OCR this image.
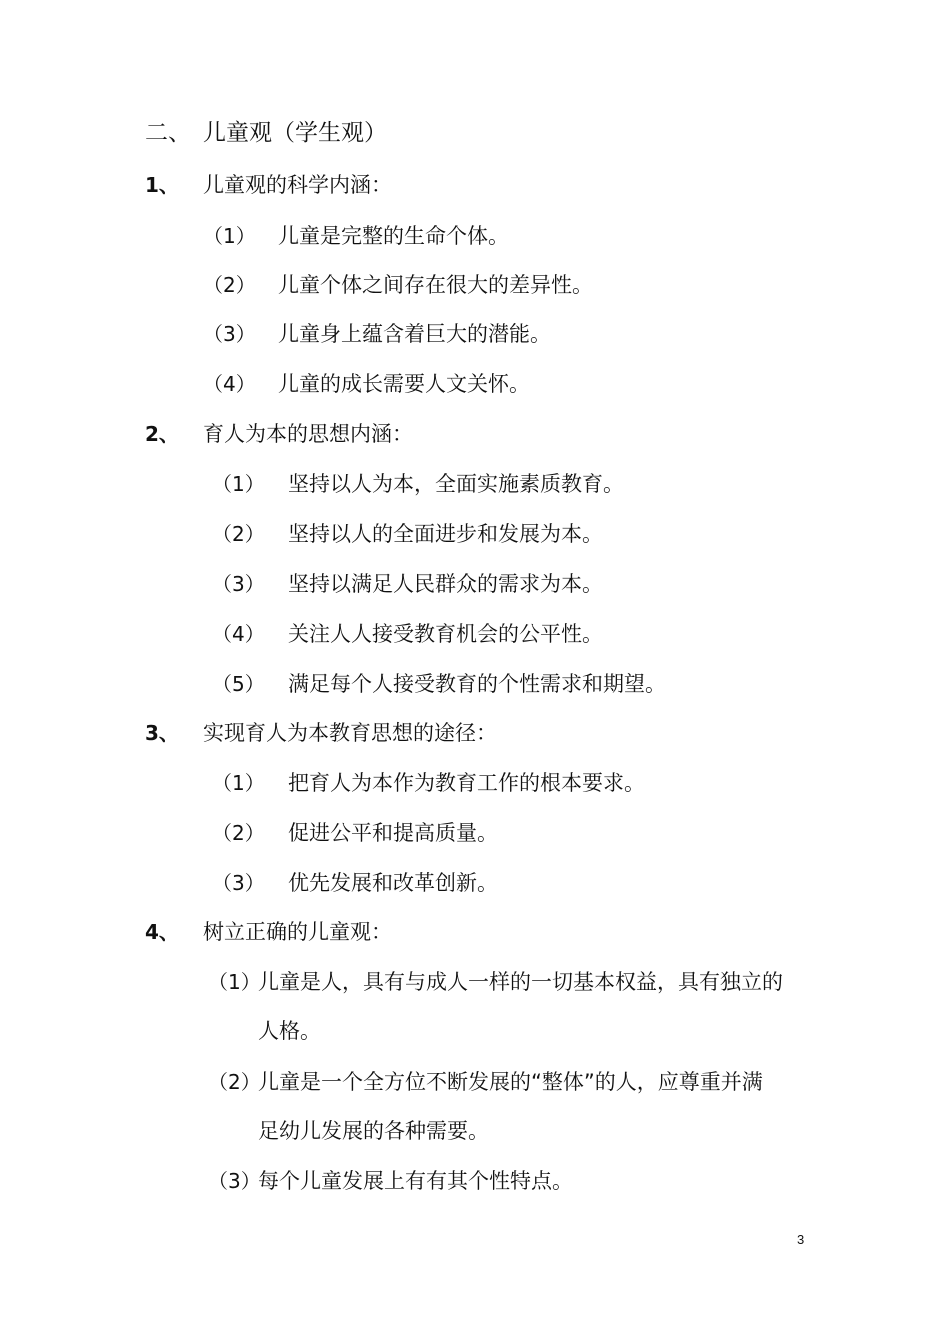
二、 儿童观（学生观）
1、 儿童观的科学内涵：
（1） 儿童是完整的生命个体。
（2） 儿童个体之间存在很大的差异性。
（3） 儿童身上蕴含着巨大的潜能。
（4） 儿童的成长需要人文关怀。
2、 育人为本的思想内涵：
（1） 坚持以人为本，全面实施素质教育。
（2） 坚持以人的全面进步和发展为本。
（3） 坚持以满足人民群众的需求为本。
（4） 关注人人接受教育机会的公平性。
（5） 满足每个人接受教育的个性需求和期望。
3、 实现育人为本教育思想的途径：
（1） 把育人为本作为教育工作的根本要求。
（2） 促进公平和提高质量。
（3） 优先发展和改革创新。
4、 树立正确的儿童观：
（1）
儿童是人，具有与成人一样的一切基本权益，具有独立的
人格。
（2）
儿童是一个全方位不断发展的“整体”的人，应尊重并满
足幼儿发展的各种需要。
（3）
每个儿童发展上有有其个性特点。
3
